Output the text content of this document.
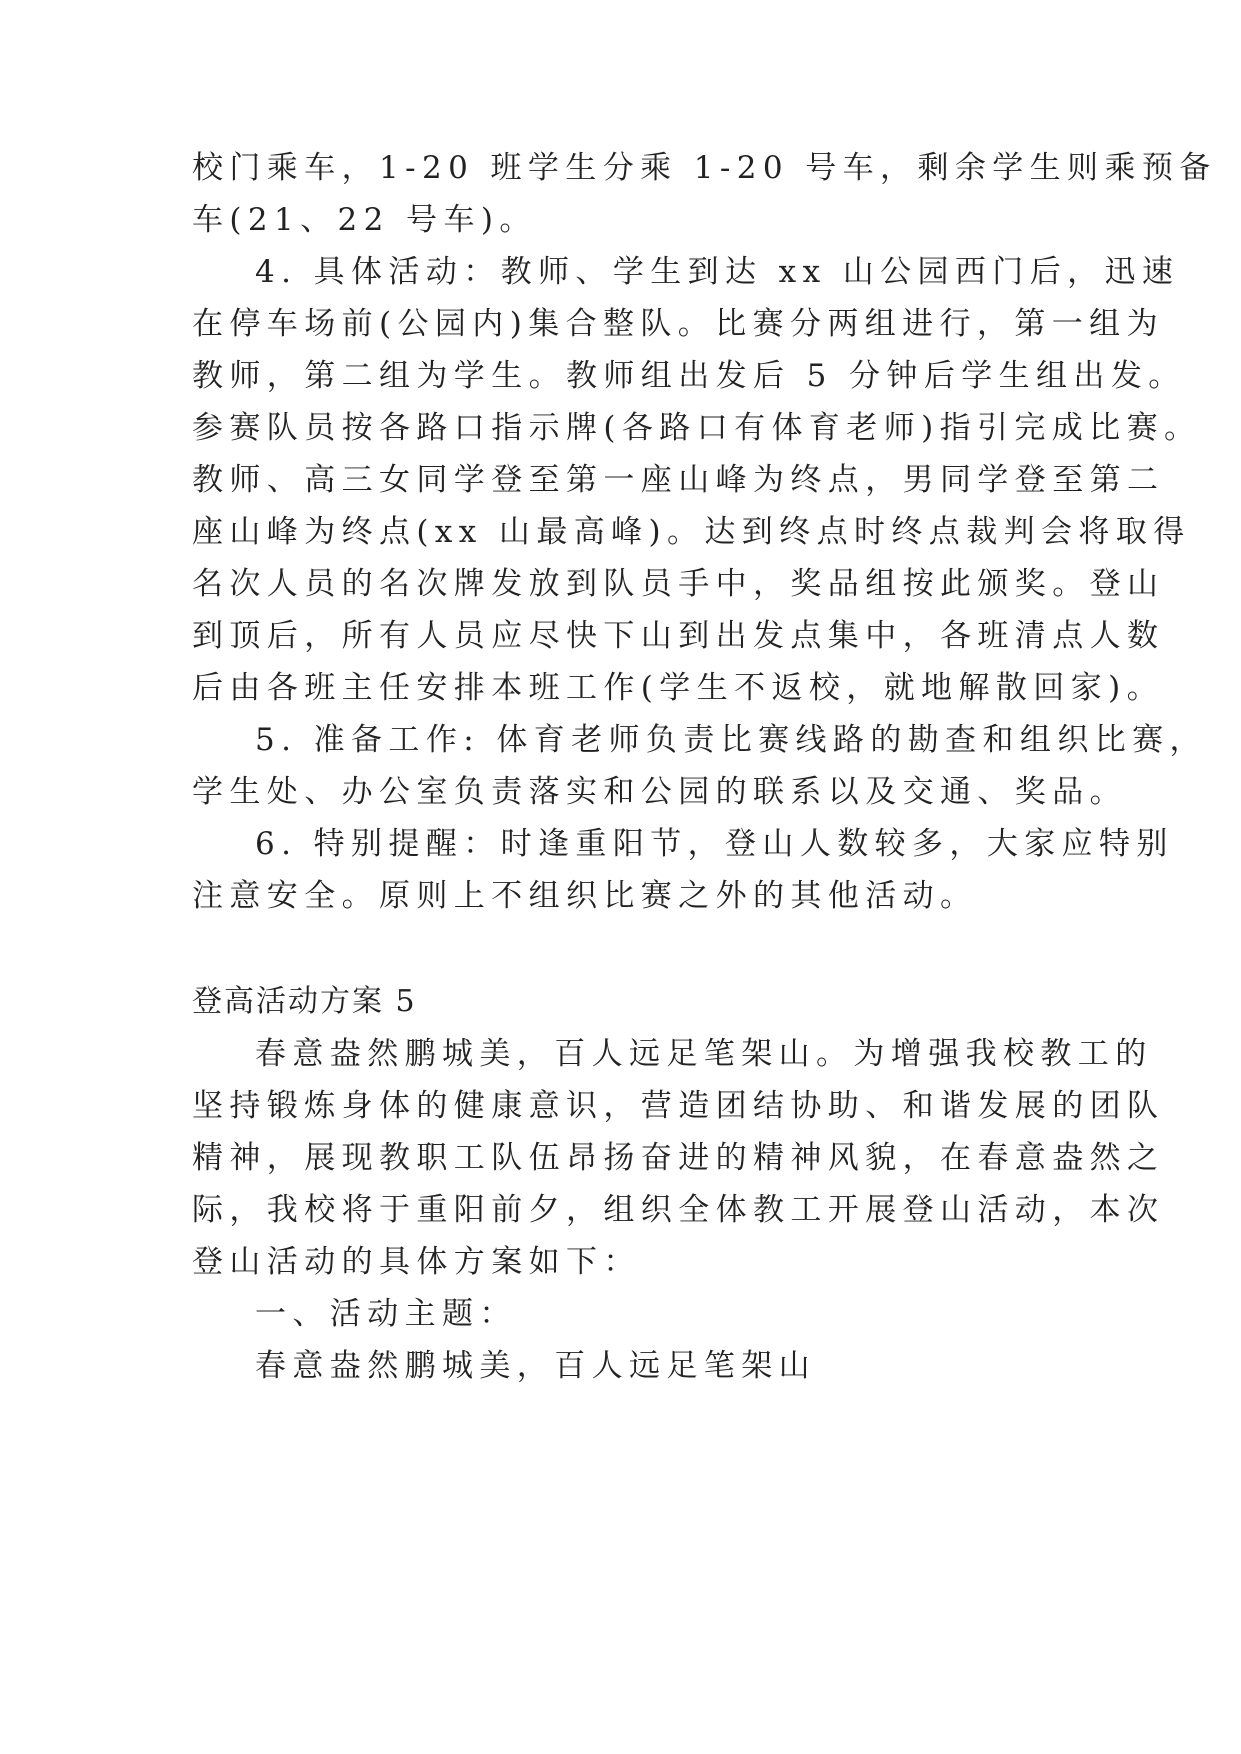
校门乘车，1-20 班学生分乘 1-20 号车，剩余学生则乘预备
车(21、22 号车)。
4. 具体活动：教师、学生到达 xx 山公园西门后，迅速
在停车场前(公园内)集合整队。比赛分两组进行，第一组为
教师，第二组为学生。教师组出发后 5 分钟后学生组出发。
参赛队员按各路口指示牌(各路口有体育老师)指引完成比赛。
教师、高三女同学登至第一座山峰为终点，男同学登至第二
座山峰为终点(xx 山最高峰)。达到终点时终点裁判会将取得
名次人员的名次牌发放到队员手中，奖品组按此颁奖。登山
到顶后，所有人员应尽快下山到出发点集中，各班清点人数
后由各班主任安排本班工作(学生不返校，就地解散回家)。
5. 准备工作: 体育老师负责比赛线路的勘查和组织比赛，
学生处、办公室负责落实和公园的联系以及交通、奖品。
6. 特别提醒：时逢重阳节，登山人数较多，大家应特别
注意安全。原则上不组织比赛之外的其他活动。
登高活动方案 5
春意盎然鹏城美，百人远足笔架山。为增强我校教工的
坚持锻炼身体的健康意识，营造团结协助、和谐发展的团队
精神，展现教职工队伍昂扬奋进的精神风貌，在春意盎然之
际，我校将于重阳前夕，组织全体教工开展登山活动，本次
登山活动的具体方案如下：
一、活动主题：
春意盎然鹏城美，百人远足笔架山
